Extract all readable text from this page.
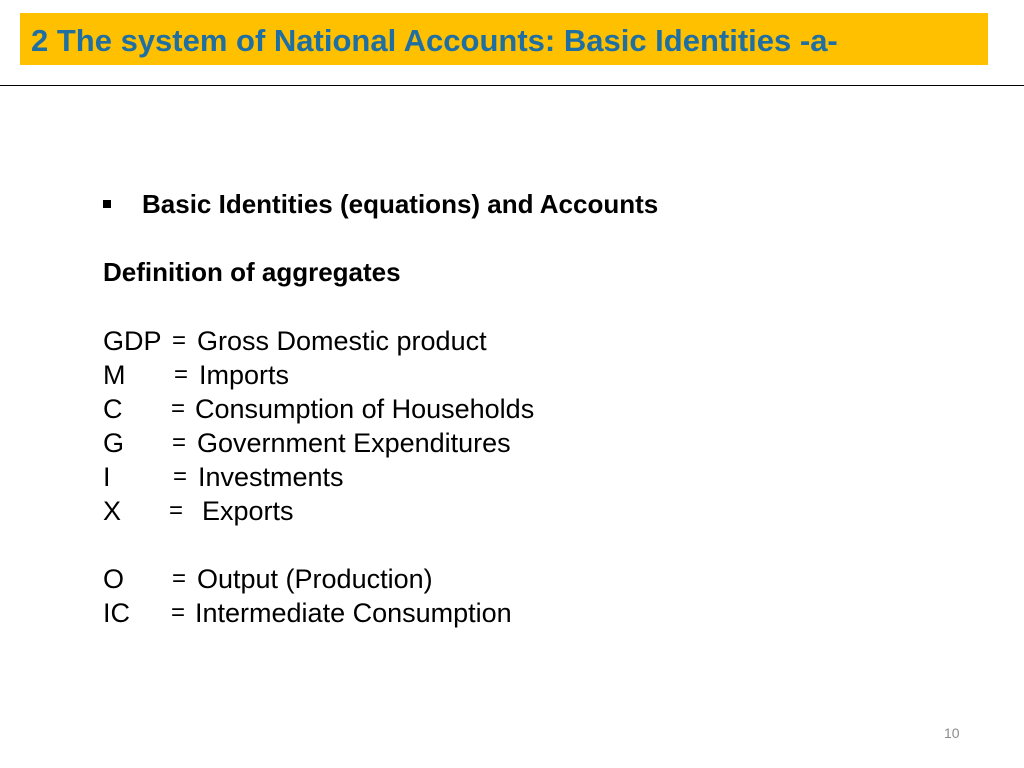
2 The system of National Accounts: Basic Identities -a-
Basic Identities (equations) and Accounts
Definition of aggregates
GDP = Gross Domestic product
M = Imports
C = Consumption of Households
G = Government Expenditures
I	= Investments
X = Exports
O = Output (Production)
IC = Intermediate Consumption
10
